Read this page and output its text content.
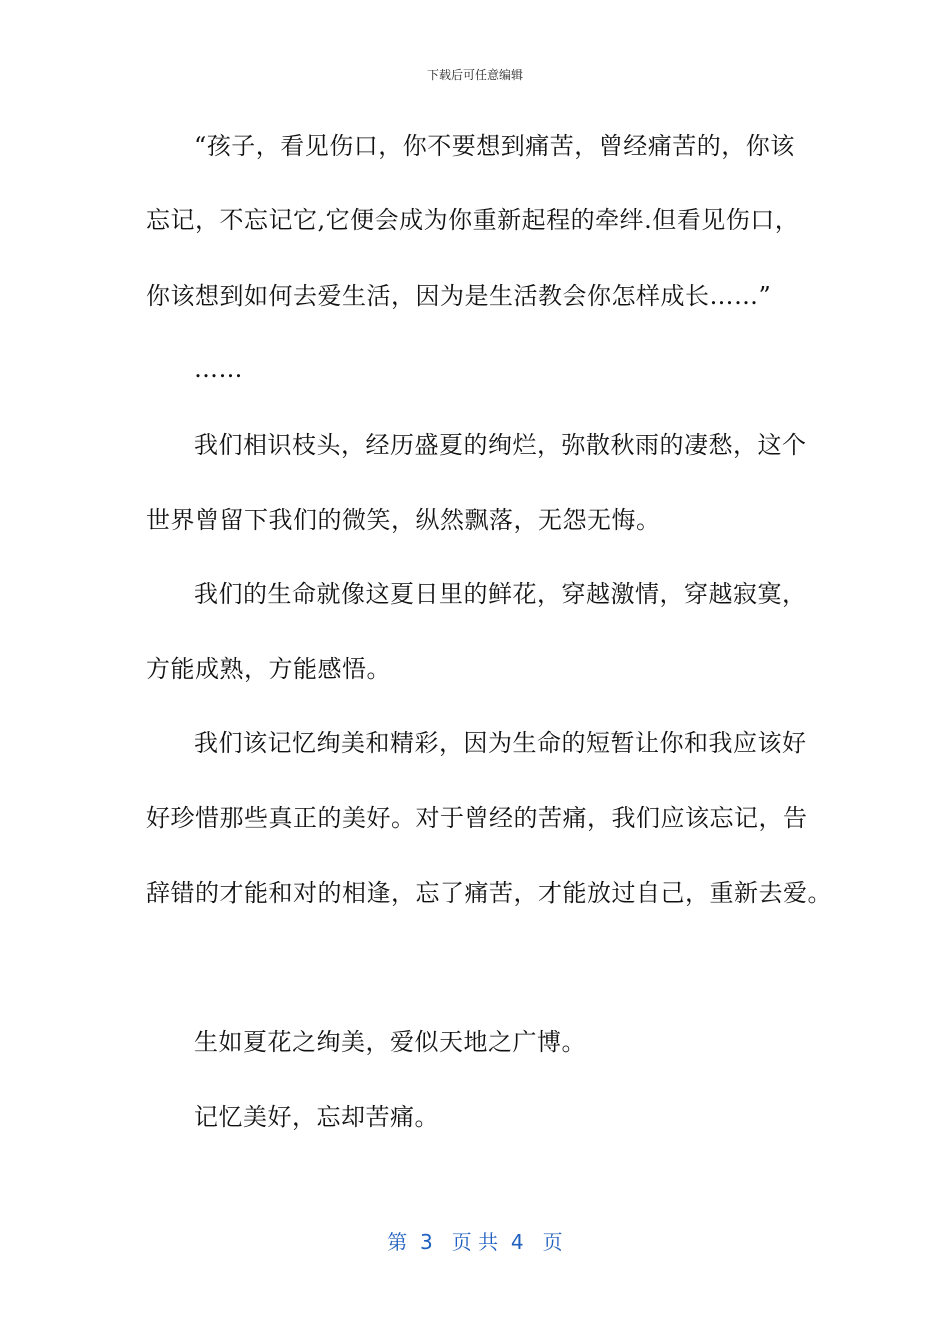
下载后可任意编辑
“孩子，看见伤口，你不要想到痛苦，曾经痛苦的，你该
忘记，不忘记它,它便会成为你重新起程的牵绊.但看见伤口，
你该想到如何去爱生活，因为是生活教会你怎样成长……”
……
我们相识枝头，经历盛夏的绚烂，弥散秋雨的凄愁，这个
世界曾留下我们的微笑，纵然飘落，无怨无悔。
我们的生命就像这夏日里的鲜花，穿越激情，穿越寂寞，
方能成熟，方能感悟。
我们该记忆绚美和精彩，因为生命的短暂让你和我应该好
好珍惜那些真正的美好。对于曾经的苦痛，我们应该忘记，告
辞错的才能和对的相逢，忘了痛苦，才能放过自己，重新去爱。
生如夏花之绚美，爱似天地之广博。
记忆美好，忘却苦痛。
第  3   页 共  4   页
